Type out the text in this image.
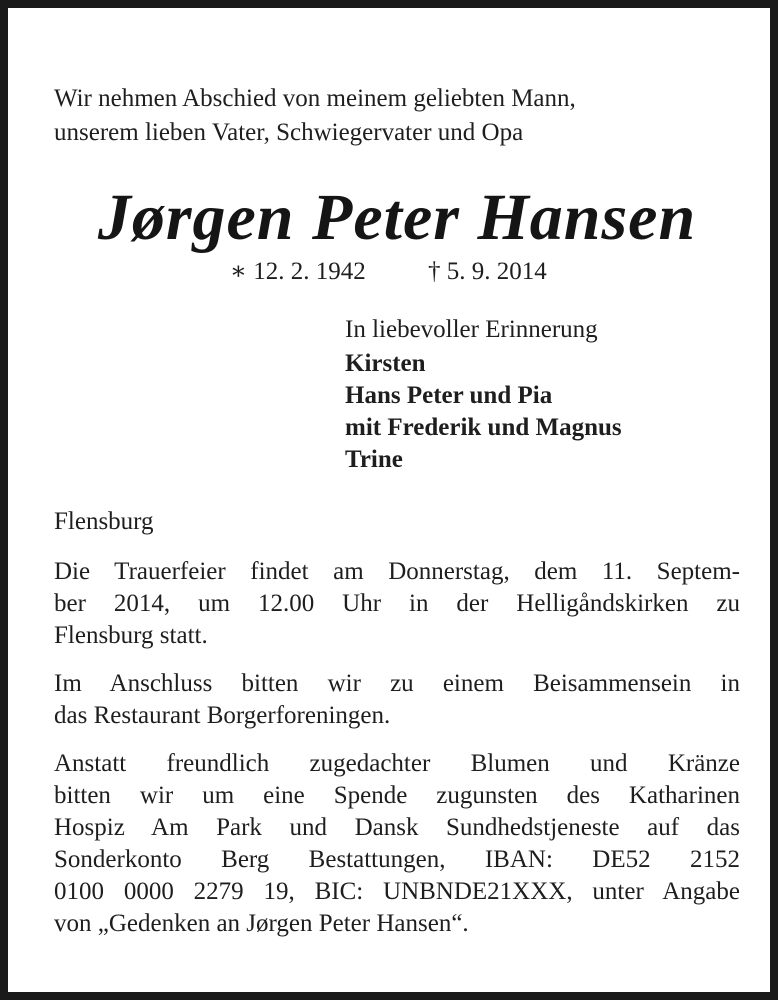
Wir nehmen Abschied von meinem geliebten Mann,
unserem lieben Vater, Schwiegervater und Opa
Jørgen Peter Hansen
∗ 12. 2. 1942 † 5. 9. 2014
In liebevoller Erinnerung
Kirsten
Hans Peter und Pia
mit Frederik und Magnus
Trine
Flensburg
Die Trauerfeier findet am Donnerstag, dem 11. Septem-
ber 2014, um 12.00 Uhr in der Helligåndskirken zu
Flensburg statt.
Im Anschluss bitten wir zu einem Beisammensein in
das Restaurant Borgerforeningen.
Anstatt freundlich zugedachter Blumen und Kränze
bitten wir um eine Spende zugunsten des Katharinen
Hospiz Am Park und Dansk Sundhedstjeneste auf das
Sonderkonto Berg Bestattungen, IBAN: DE52 2152
0100 0000 2279 19, BIC: UNBNDE21XXX, unter Angabe
von „Gedenken an Jørgen Peter Hansen“.
